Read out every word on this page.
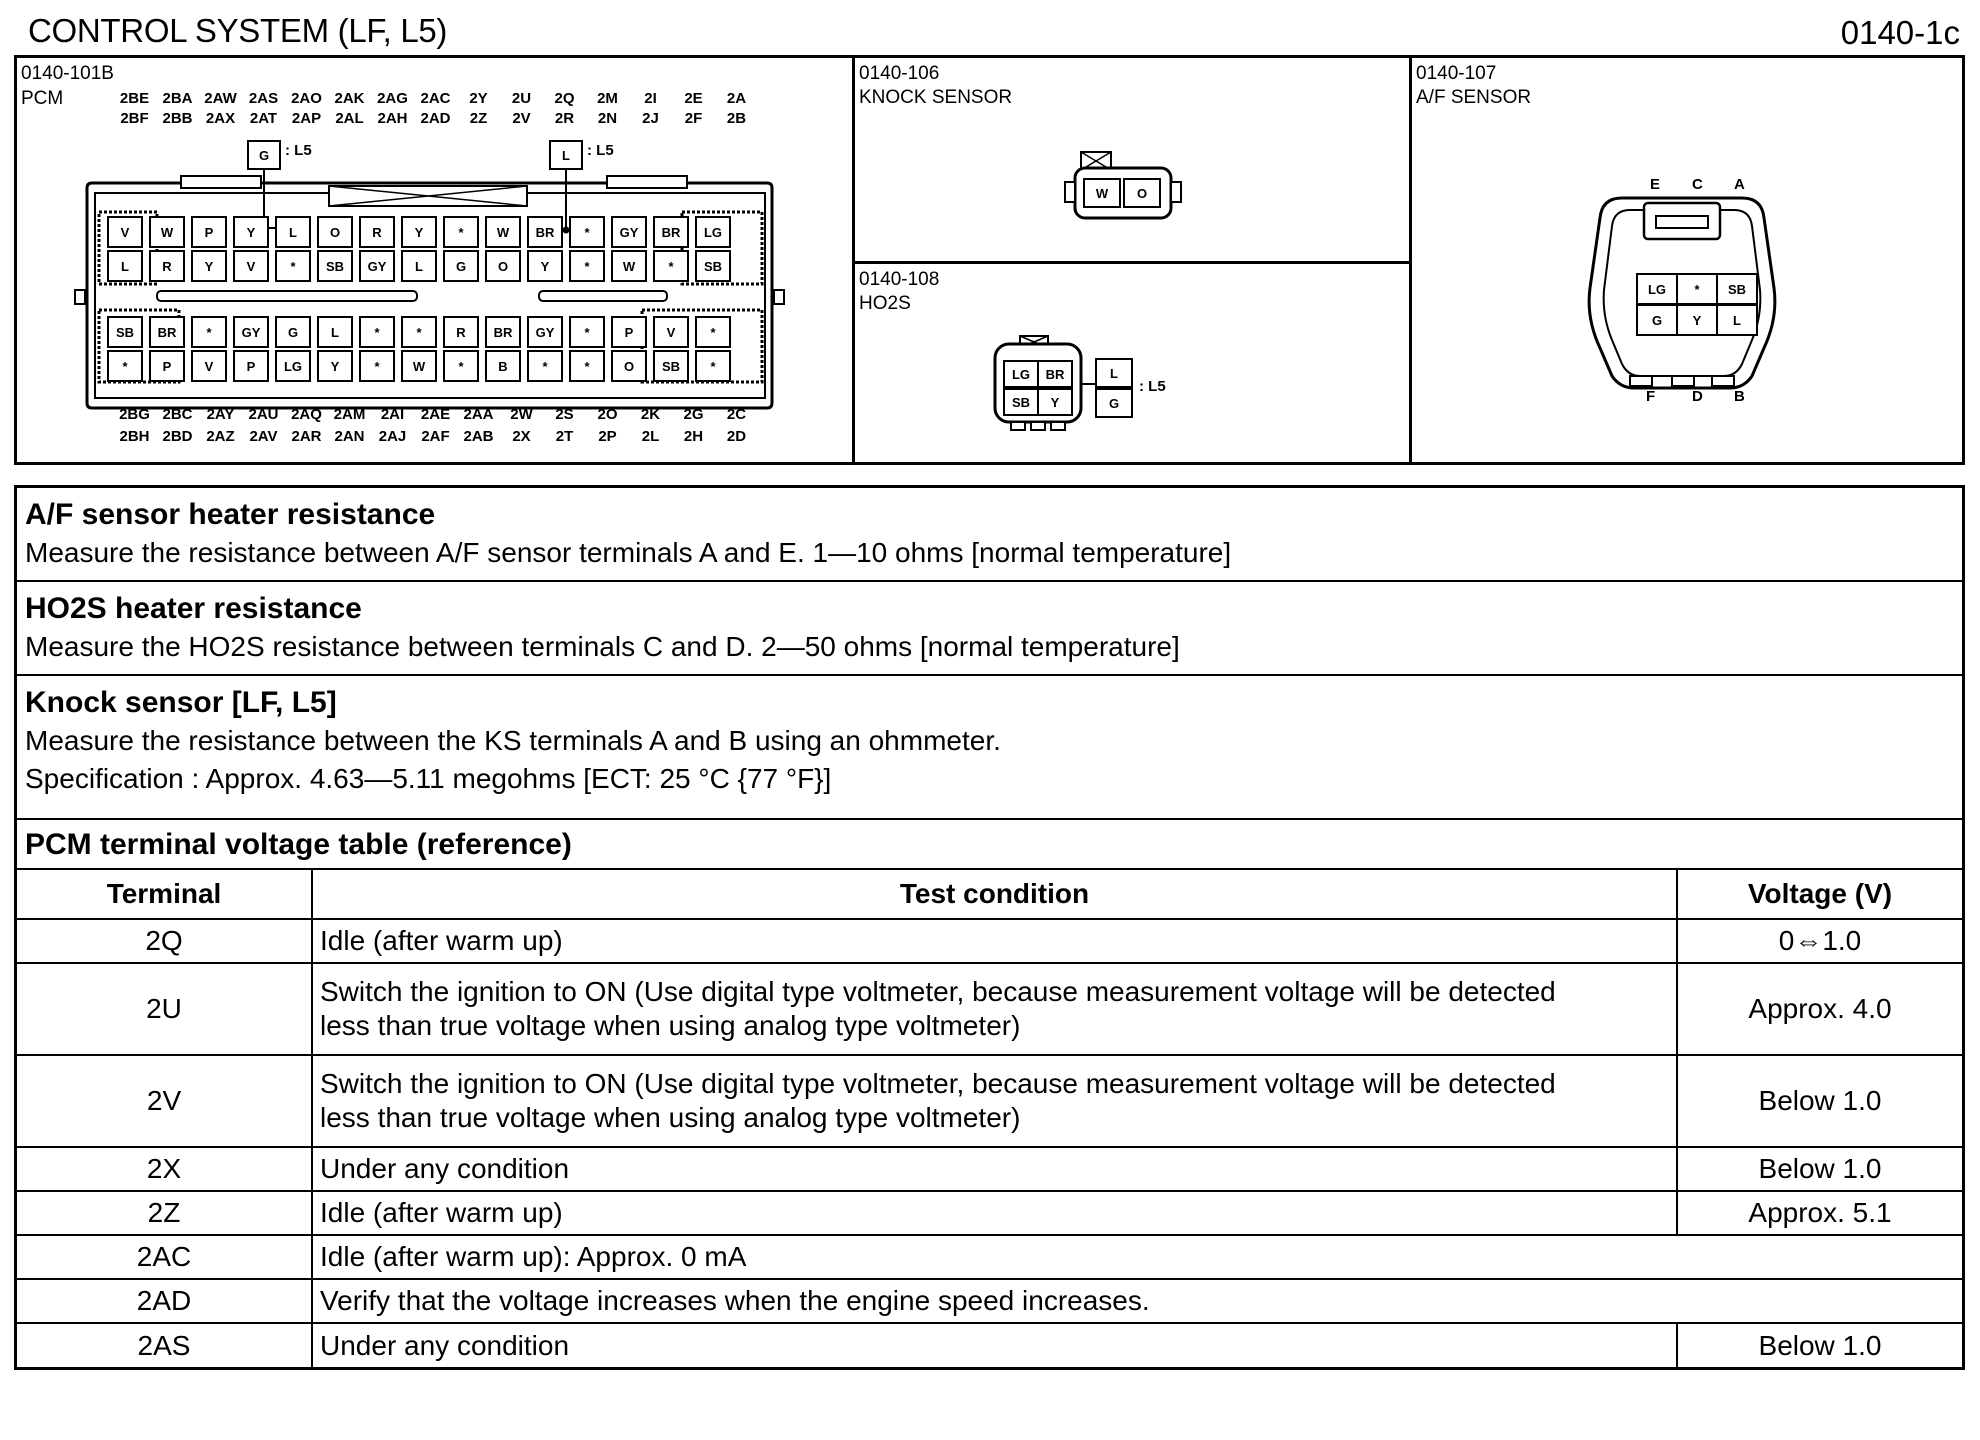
CONTROL SYSTEM (LF, L5)	0140-1c
0140-101B
PCM	2BE 2BA 2AW 2AS 2AO 2AK 2AG 2AC 2Y 2U 2Q 2M 2I 2E 2A
2BF 2BB 2AX 2AT 2AP 2AL 2AH 2AD 2Z 2V 2R 2N 2J 2F 2B
2BG 2BC 2AY 2AU 2AQ 2AM 2AI 2AE 2AA 2W 2S 2O 2K 2G 2C
2BH 2BD 2AZ 2AV 2AR 2AN 2AJ 2AF 2AB 2X 2T 2P 2L 2H 2D
G	: L5	L	: L5
V	W	P	Y	L	O	R	Y	*	W	BR	*	GY	BR	LG
L	R	Y	V	*	SB	GY	L	G	O	Y	*	W	*	SB
SB	BR	*	GY	G	L	*	*	R	BR	GY	*	P	V	*
*	P	V	P	LG	Y	*	W	*	B	*	*	O	SB	*
0140-106
KNOCK SENSOR
W	O
0140-108
HO2S
LG	BR
SB	Y
L
G
: L5
0140-107
A/F SENSOR
E C A
LG	*	SB
G	Y	L
F D B
A/F sensor heater resistance
Measure the resistance between A/F sensor terminals A and E. 1—10 ohms [normal temperature]
HO2S heater resistance
Measure the HO2S resistance between terminals C and D. 2—50 ohms [normal temperature]
Knock sensor [LF, L5]
Measure the resistance between the KS terminals A and B using an ohmmeter.
Specification : Approx. 4.63—5.11 megohms [ECT: 25 °C {77 °F}]
PCM terminal voltage table (reference)
Terminal	Test condition	Voltage (V)
2Q	Idle (after warm up)	0⇔1.0
2U	Switch the ignition to ON (Use digital type voltmeter, because measurement voltage will be detected less than true voltage when using analog type voltmeter)	Approx. 4.0
2V	Switch the ignition to ON (Use digital type voltmeter, because measurement voltage will be detected less than true voltage when using analog type voltmeter)	Below 1.0
2X	Under any condition	Below 1.0
2Z	Idle (after warm up)	Approx. 5.1
2AC	Idle (after warm up): Approx. 0 mA	
2AD	Verify that the voltage increases when the engine speed increases.	
2AS	Under any condition	Below 1.0
